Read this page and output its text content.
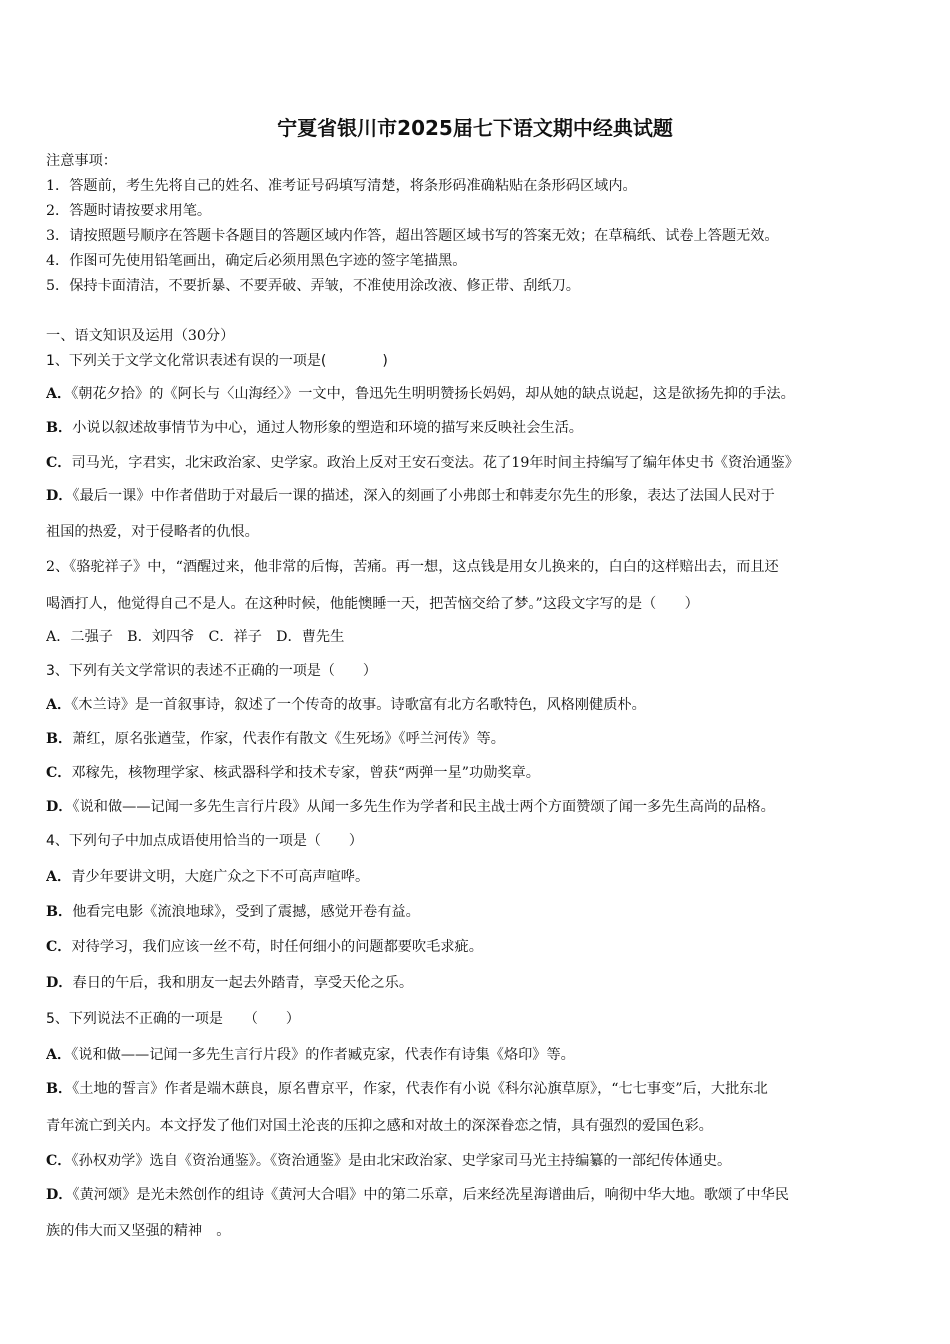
宁夏省银川市2025届七下语文期中经典试题
注意事项：
1．答题前，考生先将自己的姓名、准考证号码填写清楚，将条形码准确粘贴在条形码区域内。
2．答题时请按要求用笔。
3．请按照题号顺序在答题卡各题目的答题区域内作答，超出答题区域书写的答案无效；在草稿纸、试卷上答题无效。
4．作图可先使用铅笔画出，确定后必须用黑色字迹的签字笔描黑。
5．保持卡面清洁，不要折暴、不要弄破、弄皱，不准使用涂改液、修正带、刮纸刀。
一、语文知识及运用（30分）
1、下列关于文学文化常识表述有误的一项是(　　　　)
A．《朝花夕拾》的《阿长与〈山海经〉》一文中，鲁迅先生明明赞扬长妈妈，却从她的缺点说起，这是欲扬先抑的手法。
B．小说以叙述故事情节为中心，通过人物形象的塑造和环境的描写来反映社会生活。
C．司马光，字君实，北宋政治家、史学家。政治上反对王安石变法。花了19年时间主持编写了编年体史书《资治通鉴》
D．《最后一课》中作者借助于对最后一课的描述，深入的刻画了小弗郎士和韩麦尔先生的形象，表达了法国人民对于
祖国的热爱，对于侵略者的仇恨。
2、《骆驼祥子》中，“酒醒过来，他非常的后悔，苦痛。再一想，这点钱是用女儿换来的，白白的这样赔出去，而且还
喝酒打人，他觉得自己不是人。在这种时候，他能懊睡一天，把苦恼交给了梦。”这段文字写的是（　　）
A．二强子　B．刘四爷　C．祥子　D．曹先生
3、下列有关文学常识的表述不正确的一项是（　　）
A．《木兰诗》是一首叙事诗，叙述了一个传奇的故事。诗歌富有北方名歌特色，风格刚健质朴。
B．萧红，原名张遒莹，作家，代表作有散文《生死场》《呼兰河传》等。
C．邓稼先，核物理学家、核武器科学和技术专家，曾获“两弹一星”功勋奖章。
D．《说和做——记闻一多先生言行片段》从闻一多先生作为学者和民主战士两个方面赞颂了闻一多先生高尚的品格。
4、下列句子中加点成语使用恰当的一项是（　　）
A．青少年要讲文明，大庭广众之下不可高声喧哗。
B．他看完电影《流浪地球》，受到了震撼，感觉开卷有益。
C．对待学习，我们应该一丝不苟，时任何细小的问题都要吹毛求疵。
D．春日的午后，我和朋友一起去外踏青，享受天伦之乐。
5、下列说法不正确的一项是　　（　　）
A．《说和做——记闻一多先生言行片段》的作者臧克家，代表作有诗集《烙印》等。
B．《土地的誓言》作者是端木蕻良，原名曹京平，作家，代表作有小说《科尔沁旗草原》，“七七事变”后，大批东北
青年流亡到关内。本文抒发了他们对国土沦丧的压抑之感和对故土的深深眷恋之情，具有强烈的爱国色彩。
C．《孙权劝学》选自《资治通鉴》。《资治通鉴》是由北宋政治家、史学家司马光主持编纂的一部纪传体通史。
D．《黄河颂》是光未然创作的组诗《黄河大合唱》中的第二乐章，后来经冼星海谱曲后，响彻中华大地。歌颂了中华民
族的伟大而又坚强的精神　。
